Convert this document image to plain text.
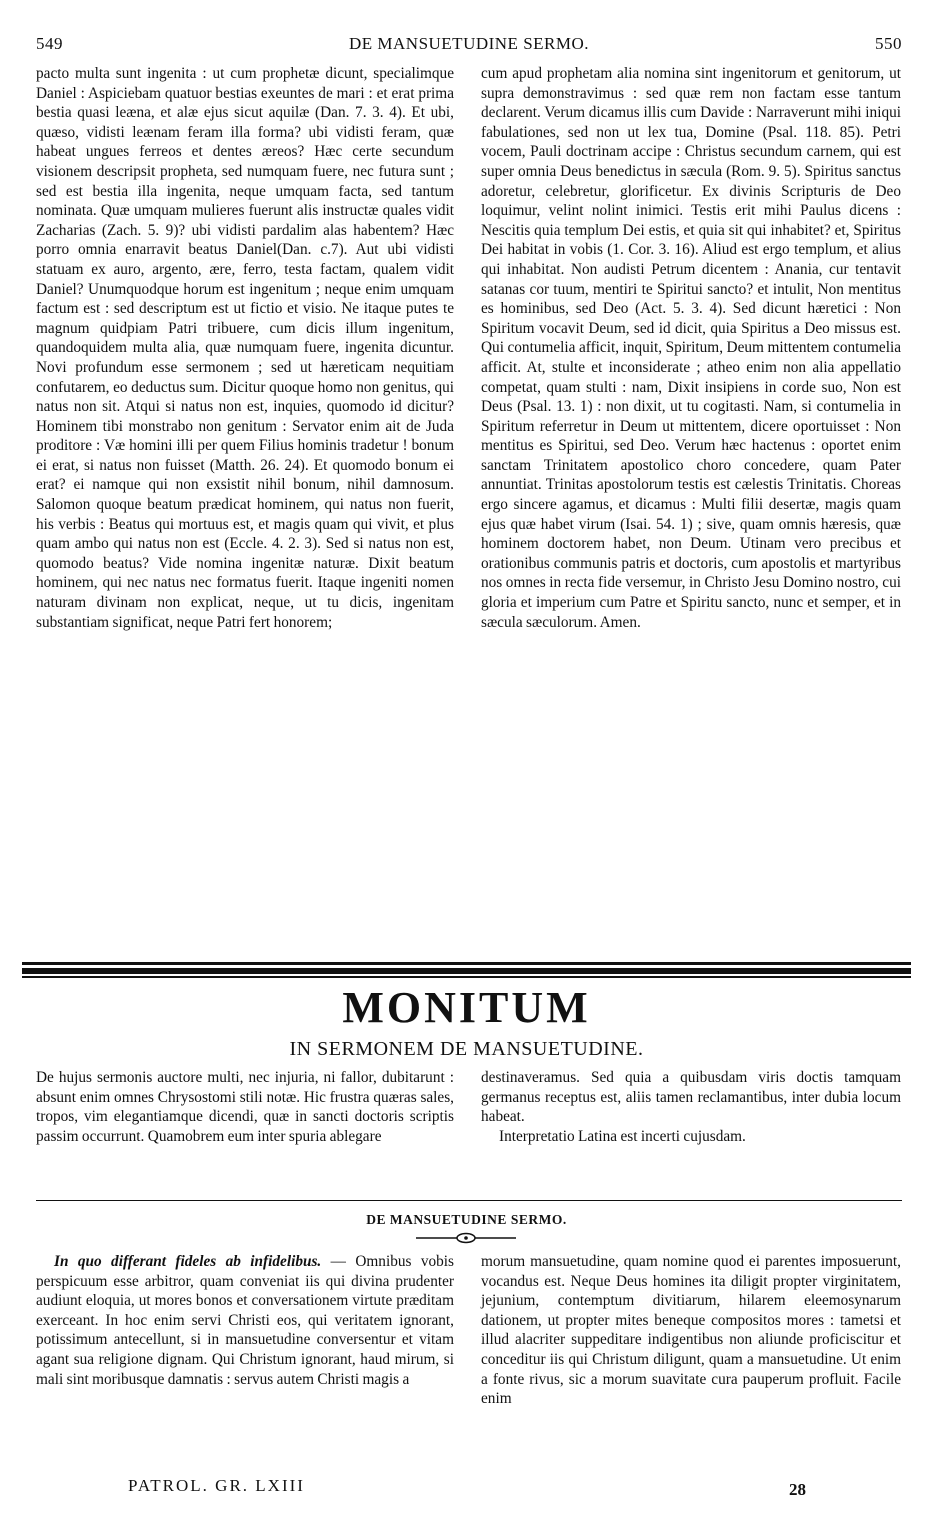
549	DE MANSUETUDINE SERMO.	550

pacto multa sunt ingenita : ut cum prophetæ dicunt, specialimque Daniel : Aspiciebam quatuor bestias exeuntes de mari : et erat prima bestia quasi leæna, et alæ ejus sicut aquilæ (Dan. 7. 3. 4). Et ubi, quæso, vidisti leænam feram illa forma? ubi vidisti feram, quæ habeat ungues ferreos et dentes æreos? Hæc certe secundum visionem descripsit propheta, sed numquam fuere, nec futura sunt ; sed est bestia illa ingenita, neque umquam facta, sed tantum nominata. Quæ umquam mulieres fuerunt alis instructæ quales vidit Zacharias (Zach. 5. 9)? ubi vidisti pardalim alas habentem? Hæc porro omnia enarravit beatus Daniel(Dan. c.7). Aut ubi vidisti statuam ex auro, argento, ære, ferro, testa factam, qualem vidit Daniel? Unumquodque horum est ingenitum ; neque enim umquam factum est : sed descriptum est ut fictio et visio. Ne itaque putes te magnum quidpiam Patri tribuere, cum dicis illum ingenitum, quandoquidem multa alia, quæ numquam fuere, ingenita dicuntur. Novi profundum esse sermonem ; sed ut hæreticam nequitiam confutarem, eo deductus sum. Dicitur quoque homo non genitus, qui natus non sit. Atqui si natus non est, inquies, quomodo id dicitur? Hominem tibi monstrabo non genitum : Servator enim ait de Juda proditore : Væ homini illi per quem Filius hominis tradetur ! bonum ei erat, si natus non fuisset (Matth. 26. 24). Et quomodo bonum ei erat? ei namque qui non exsistit nihil bonum, nihil damnosum. Salomon quoque beatum prædicat hominem, qui natus non fuerit, his verbis : Beatus qui mortuus est, et magis quam qui vivit, et plus quam ambo qui natus non est (Eccle. 4. 2. 3). Sed si natus non est, quomodo beatus? Vide nomina ingenitæ naturæ. Dixit beatum hominem, qui nec natus nec formatus fuerit. Itaque ingeniti nomen naturam divinam non explicat, neque, ut tu dicis, ingenitam substantiam significat, neque Patri fert honorem;

cum apud prophetam alia nomina sint ingenitorum et genitorum, ut supra demonstravimus : sed quæ rem non factam esse tantum declarent. Verum dicamus illis cum Davide : Narraverunt mihi iniqui fabulationes, sed non ut lex tua, Domine (Psal. 118. 85). Petri vocem, Pauli doctrinam accipe : Christus secundum carnem, qui est super omnia Deus benedictus in sæcula (Rom. 9. 5). Spiritus sanctus adoretur, celebretur, glorificetur. Ex divinis Scripturis de Deo loquimur, velint nolint inimici. Testis erit mihi Paulus dicens : Nescitis quia templum Dei estis, et quia sit qui inhabitet? et, Spiritus Dei habitat in vobis (1. Cor. 3. 16). Aliud est ergo templum, et alius qui inhabitat. Non audisti Petrum dicentem : Anania, cur tentavit satanas cor tuum, mentiri te Spiritui sancto? et intulit, Non mentitus es hominibus, sed Deo (Act. 5. 3. 4). Sed dicunt hæretici : Non Spiritum vocavit Deum, sed id dicit, quia Spiritus a Deo missus est. Qui contumelia afficit, inquit, Spiritum, Deum mittentem contumelia afficit. At, stulte et inconsiderate ; atheo enim non alia appellatio competat, quam stulti : nam, Dixit insipiens in corde suo, Non est Deus (Psal. 13. 1) : non dixit, ut tu cogitasti. Nam, si contumelia in Spiritum referretur in Deum ut mittentem, dicere oportuisset : Non mentitus es Spiritui, sed Deo. Verum hæc hactenus : oportet enim sanctam Trinitatem apostolico choro concedere, quam Pater annuntiat. Trinitas apostolorum testis est cælestis Trinitatis. Choreas ergo sincere agamus, et dicamus : Multi filii desertæ, magis quam ejus quæ habet virum (Isai. 54. 1) ; sive, quam omnis hæresis, quæ hominem doctorem habet, non Deum. Utinam vero precibus et orationibus communis patris et doctoris, cum apostolis et martyribus nos omnes in recta fide versemur, in Christo Jesu Domino nostro, cui gloria et imperium cum Patre et Spiritu sancto, nunc et semper, et in sæcula sæculorum. Amen.

MONITUM
IN SERMONEM DE MANSUETUDINE.

De hujus sermonis auctore multi, nec injuria, ni fallor, dubitarunt : absunt enim omnes Chrysostomi stili notæ. Hic frustra quæras sales, tropos, vim elegantiamque dicendi, quæ in sancti doctoris scriptis passim occurrunt. Quamobrem eum inter spuria ablegare

destinaveramus. Sed quia a quibusdam viris doctis tamquam germanus receptus est, aliis tamen reclamantibus, inter dubia locum habeat.

Interpretatio Latina est incerti cujusdam.

DE MANSUETUDINE SERMO.

In quo differant fideles ab infidelibus. — Omnibus vobis perspicuum esse arbitror, quam conveniat iis qui divina prudenter audiunt eloquia, ut mores bonos et conversationem virtute præditam exerceant. In hoc enim servi Christi eos, qui veritatem ignorant, potissimum antecellunt, si in mansuetudine conversentur et vitam agant sua religione dignam. Qui Christum ignorant, haud mirum, si mali sint moribusque damnatis : servus autem Christi magis a

morum mansuetudine, quam nomine quod ei parentes imposuerunt, vocandus est. Neque Deus homines ita diligit propter virginitatem, jejunium, contemptum divitiarum, hilarem eleemosynarum dationem, ut propter mites beneque compositos mores : tametsi et illud alacriter suppeditare indigentibus non aliunde proficiscitur et conceditur iis qui Christum diligunt, quam a mansuetudine. Ut enim a fonte rivus, sic a morum suavitate cura pauperum profluit. Facile enim

PATROL. GR. LXIII	28
